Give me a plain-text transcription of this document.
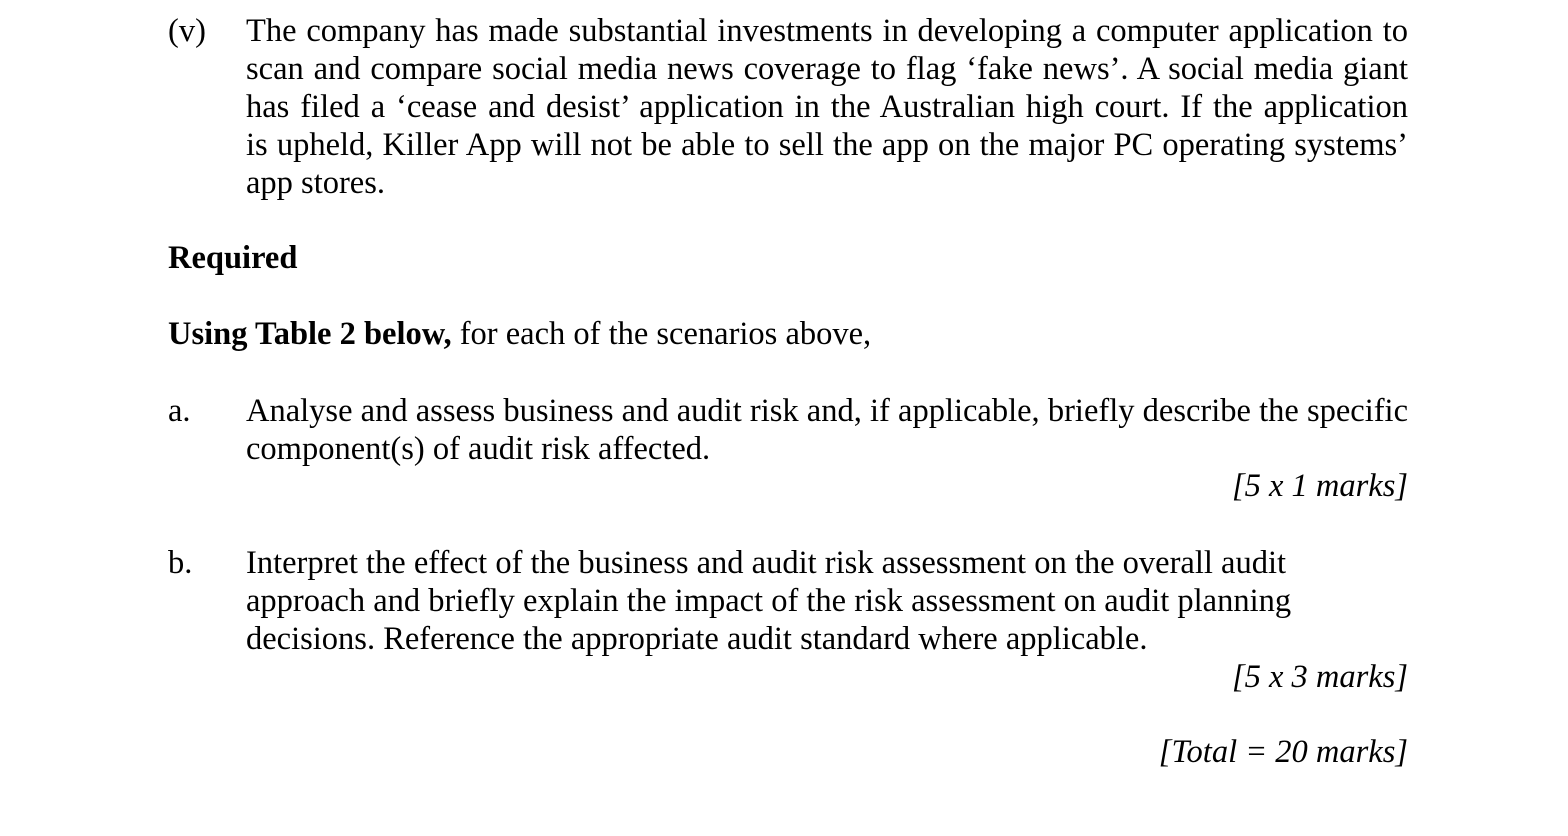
(v) The company has made substantial investments in developing a computer application to
scan and compare social media news coverage to flag ‘fake news’. A social media giant
has filed a ‘cease and desist’ application in the Australian high court. If the application
is upheld, Killer App will not be able to sell the app on the major PC operating systems’
app stores.
Required
Using Table 2 below, for each of the scenarios above,
a. Analyse and assess business and audit risk and, if applicable, briefly describe the specific
component(s) of audit risk affected.
[5 x 1 marks]
b. Interpret the effect of the business and audit risk assessment on the overall audit
approach and briefly explain the impact of the risk assessment on audit planning
decisions. Reference the appropriate audit standard where applicable.
[5 x 3 marks]
[Total = 20 marks]
